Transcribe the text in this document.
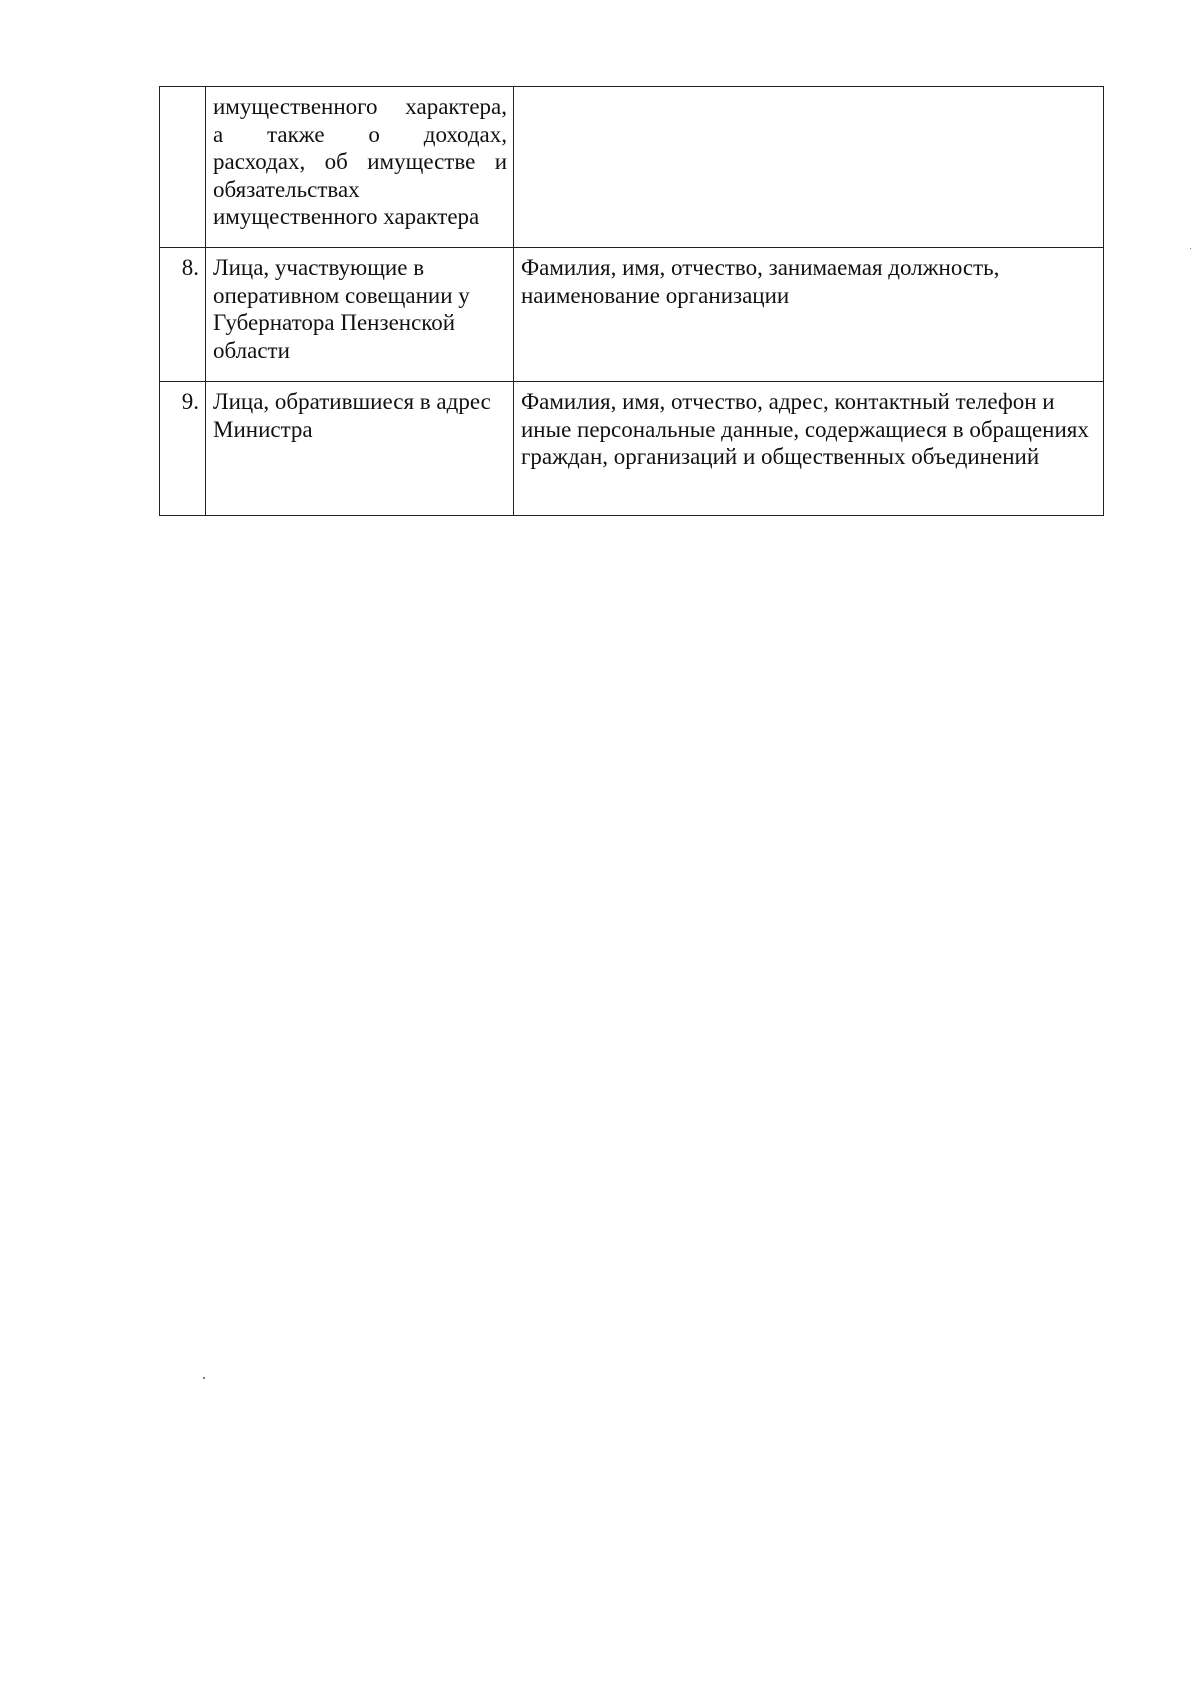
	имущественного характера,
а также о доходах,
расходах, об имуществе и
обязательствах
имущественного характера	

8.	Лица, участвующие в оперативном совещании у Губернатора Пензенской области	Фамилия, имя, отчество, занимаемая должность, наименование организации
9.	Лица, обратившиеся в адрес Министра	Фамилия, имя, отчество, адрес, контактный телефон и иные персональные данные, содержащиеся в обращениях граждан, организаций и общественных объединений
